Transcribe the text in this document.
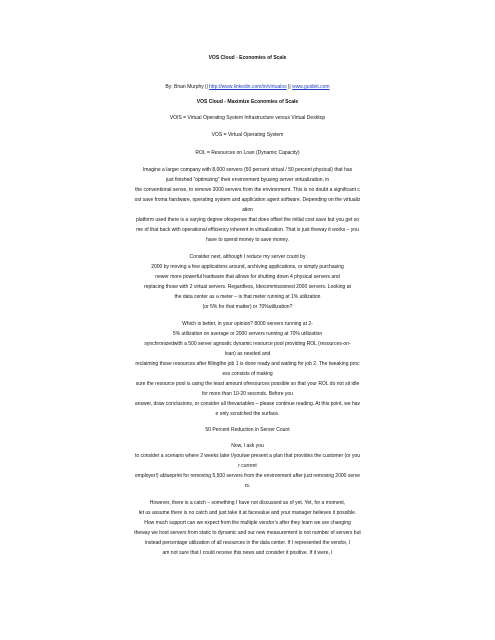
VOS Cloud - Economies of Scale
By: Brian Murphy || http://www.linkedin.com/in/virtualos || www.guideit.com
VOS Cloud - Maximize Economies of Scale
VOIS = Virtual Operating System Infrastructure versus Virtual Desktop
VOS = Virtual Operating System
ROL = Resources on Loan (Dynamic Capacity)
Imagine a larger company with 8,000 servers (50 percent virtual / 50 percent physical) that has
just finished “optimizing” their environment byusing server virtualization, in
the conventional sense, to remove 2000 servers from the environment. This is no doubt a significant c
ost save froma hardware, operating system and application agent software. Depending on the virtualiz
ation
platform used there is a varying degree ofexpense that does offset the initial cost save but you get so
me of that back with operational efficiency inherent in virtualization. That is just theway it works – you
have to spend money to save money.
Consider next, although I reduce my server count by
2000 by moving a few applications around, archiving applications, or simply purchasing
newer more powerful hardware that allows for shutting down 4 physical servers and
replacing those with 2 virtual servers. Regardless, Idecommissioned 2000 servers. Looking at
the data center as a meter – is that meter running at 1% utilization
(or 5% for that matter) or 70%utilization?
Which is better, in your opinion? 8000 servers running at 2-
5% utilization on average or 2000 servers running at 70% utilization
synchronizedwith a 500 server agnostic dynamic resource pool providing ROL (resources-on-
loan) as needed and
reclaiming those resources after fillingthe job 1 is done ready and waiting for job 2. The tweaking proc
ess consists of making
sure the resource pool is using the least amount ofresources possible so that your ROL do not sit idle
for more than 10-20 seconds. Before you
answer, draw conclusions, or consider all thevariables – please continue reading. At this point, we hav
e only scratched the surface.
50 Percent Reduction in Server Count
Now, I ask you
to consider a scenario where 2 weeks later I/you/we present a plan that provides the customer (or you
r current
employer!) ablueprint for removing 5,500 servers from the environment after just removing 2000 serve
rs.
However, there is a catch – something I have not discussed as of yet. Yet, for a moment,
let us assume there is no catch and just take it at facevalue and your manager believes it possible.
How much support can we expect from the multiple vendor’s after they learn we are changing
theway we host servers from static to dynamic and our new measurement is not number of servers but
instead percentage utilization of all resources in the data center. If I represented the vendor, I
am not sure that I could receive this news and consider it positive. If it were, I
